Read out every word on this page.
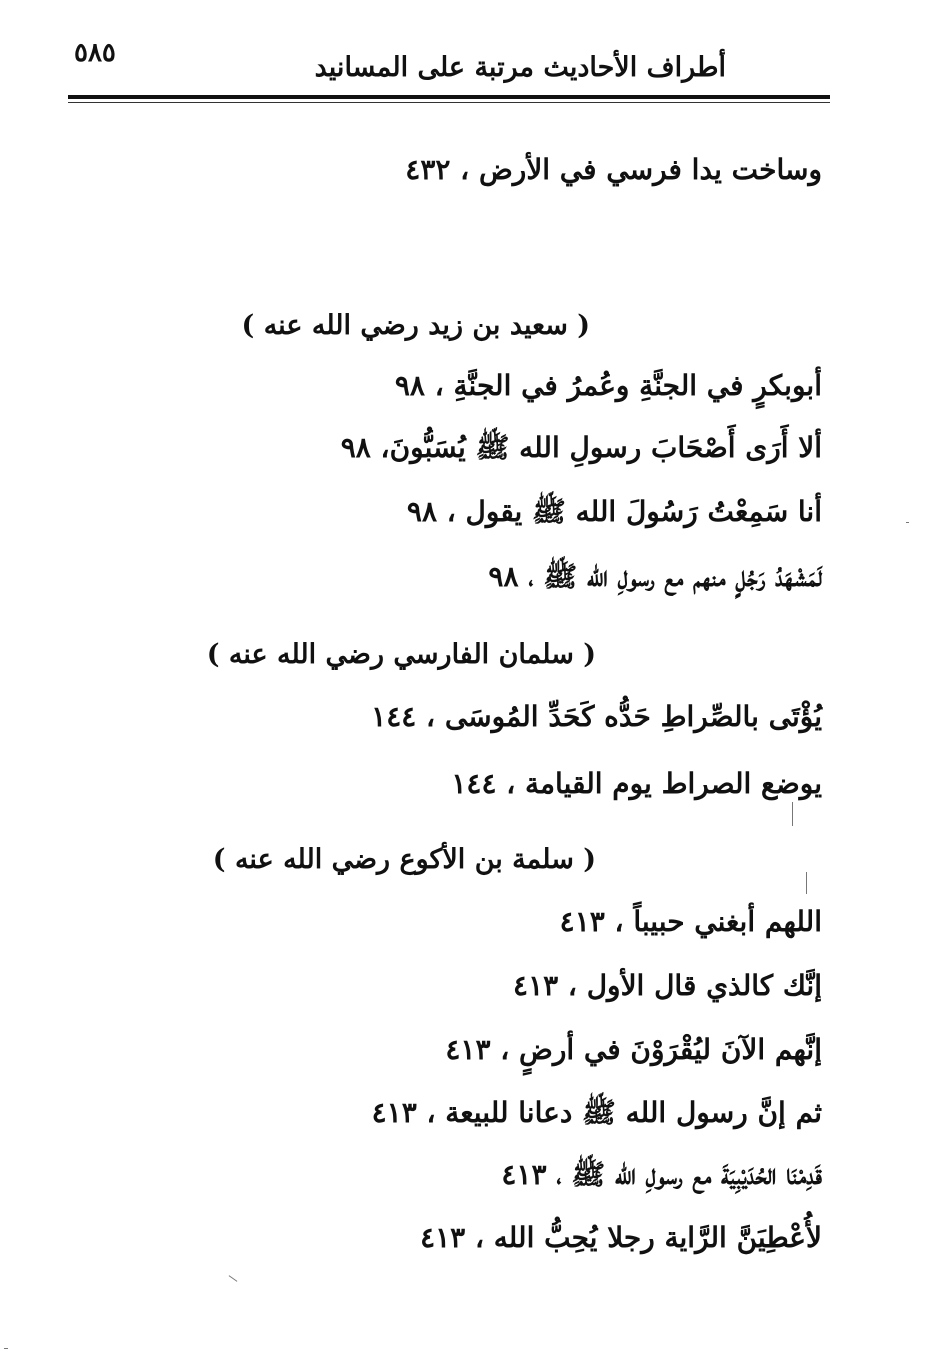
٥٨٥	أطراف الأحاديث مرتبة على المسانيد
وساخت يدا فرسي في الأرض ، ٤٣٢
( سعيد بن زيد رضي الله عنه )
أبوبكرٍ في الجنَّةِ وعُمرُ في الجنَّةِ ، ٩٨
ألا أَرَى أَصْحَابَ رسولِ الله ﷺ يُسَبُّونَ، ٩٨
أنا سَمِعْتُ رَسُولَ الله ﷺ يقول ، ٩٨
لَمَشْهَدُ رَجُلٍ منهم مع رسولِ الله ﷺ ، ٩٨
( سلمان الفارسي رضي الله عنه )
يُؤْتَى بالصِّراطِ حَدُّه كَحَدِّ المُوسَى ، ١٤٤
يوضع الصراط يوم القيامة ، ١٤٤
( سلمة بن الأكوع رضي الله عنه )
اللهم أبغني حبيباً ، ٤١٣
إنَّك كالذي قال الأول ، ٤١٣
إنَّهم الآنَ ليُقْرَوْنَ في أرضٍ ، ٤١٣
ثم إنَّ رسول الله ﷺ دعانا للبيعة ، ٤١٣
قَدِمْنَا الحُدَيْبِيَةَ مع رسولِ الله ﷺ ، ٤١٣
لأُعْطِيَنَّ الرَّاية رجلا يُحِبُّ الله ، ٤١٣
